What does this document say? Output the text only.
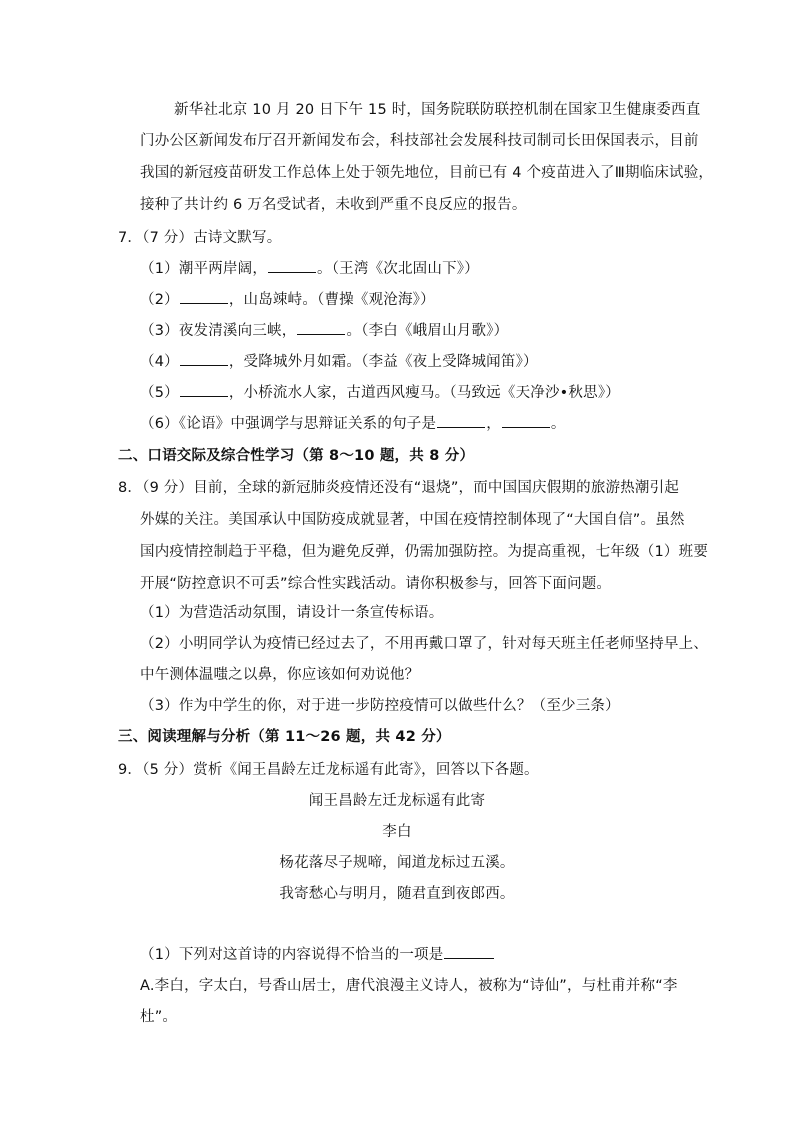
新华社北京 10 月 20 日下午 15 时，国务院联防联控机制在国家卫生健康委西直
门办公区新闻发布厅召开新闻发布会，科技部社会发展科技司制司长田保国表示，目前
我国的新冠疫苗研发工作总体上处于领先地位，目前已有 4 个疫苗进入了Ⅲ期临床试验，
接种了共计约 6 万名受试者，未收到严重不良反应的报告。
7．（7 分）古诗文默写。
（1）潮平两岸阔，	。（王湾《次北固山下》）
（2）	，山岛竦峙。（曹操《观沧海》）
（3）夜发清溪向三峡，	。（李白《峨眉山月歌》）
（4）	，受降城外月如霜。（李益《夜上受降城闻笛》）
（5）	，小桥流水人家，古道西风瘦马。（马致远《天净沙•秋思》）
（6）《论语》中强调学与思辩证关系的句子是	，	。
二、口语交际及综合性学习（第 8～10 题，共 8 分）
8．（9 分）目前，全球的新冠肺炎疫情还没有“退烧”，而中国国庆假期的旅游热潮引起
外媒的关注。美国承认中国防疫成就显著，中国在疫情控制体现了“大国自信”。虽然
国内疫情控制趋于平稳，但为避免反弹，仍需加强防控。为提高重视，七年级（1）班要
开展“防控意识不可丢”综合性实践活动。请你积极参与，回答下面问题。
（1）为营造活动氛围，请设计一条宣传标语。
（2）小明同学认为疫情已经过去了，不用再戴口罩了，针对每天班主任老师坚持早上、
中午测体温嗤之以鼻，你应该如何劝说他？
（3）作为中学生的你，对于进一步防控疫情可以做些什么？（至少三条）
三、阅读理解与分析（第 11～26 题，共 42 分）
9．（5 分）赏析《闻王昌龄左迁龙标遥有此寄》，回答以下各题。
闻王昌龄左迁龙标遥有此寄
李白
杨花落尽子规啼，闻道龙标过五溪。
我寄愁心与明月，随君直到夜郎西。
（1）下列对这首诗的内容说得不恰当的一项是
A.李白，字太白，号香山居士，唐代浪漫主义诗人，被称为“诗仙”，与杜甫并称“李
杜”。
